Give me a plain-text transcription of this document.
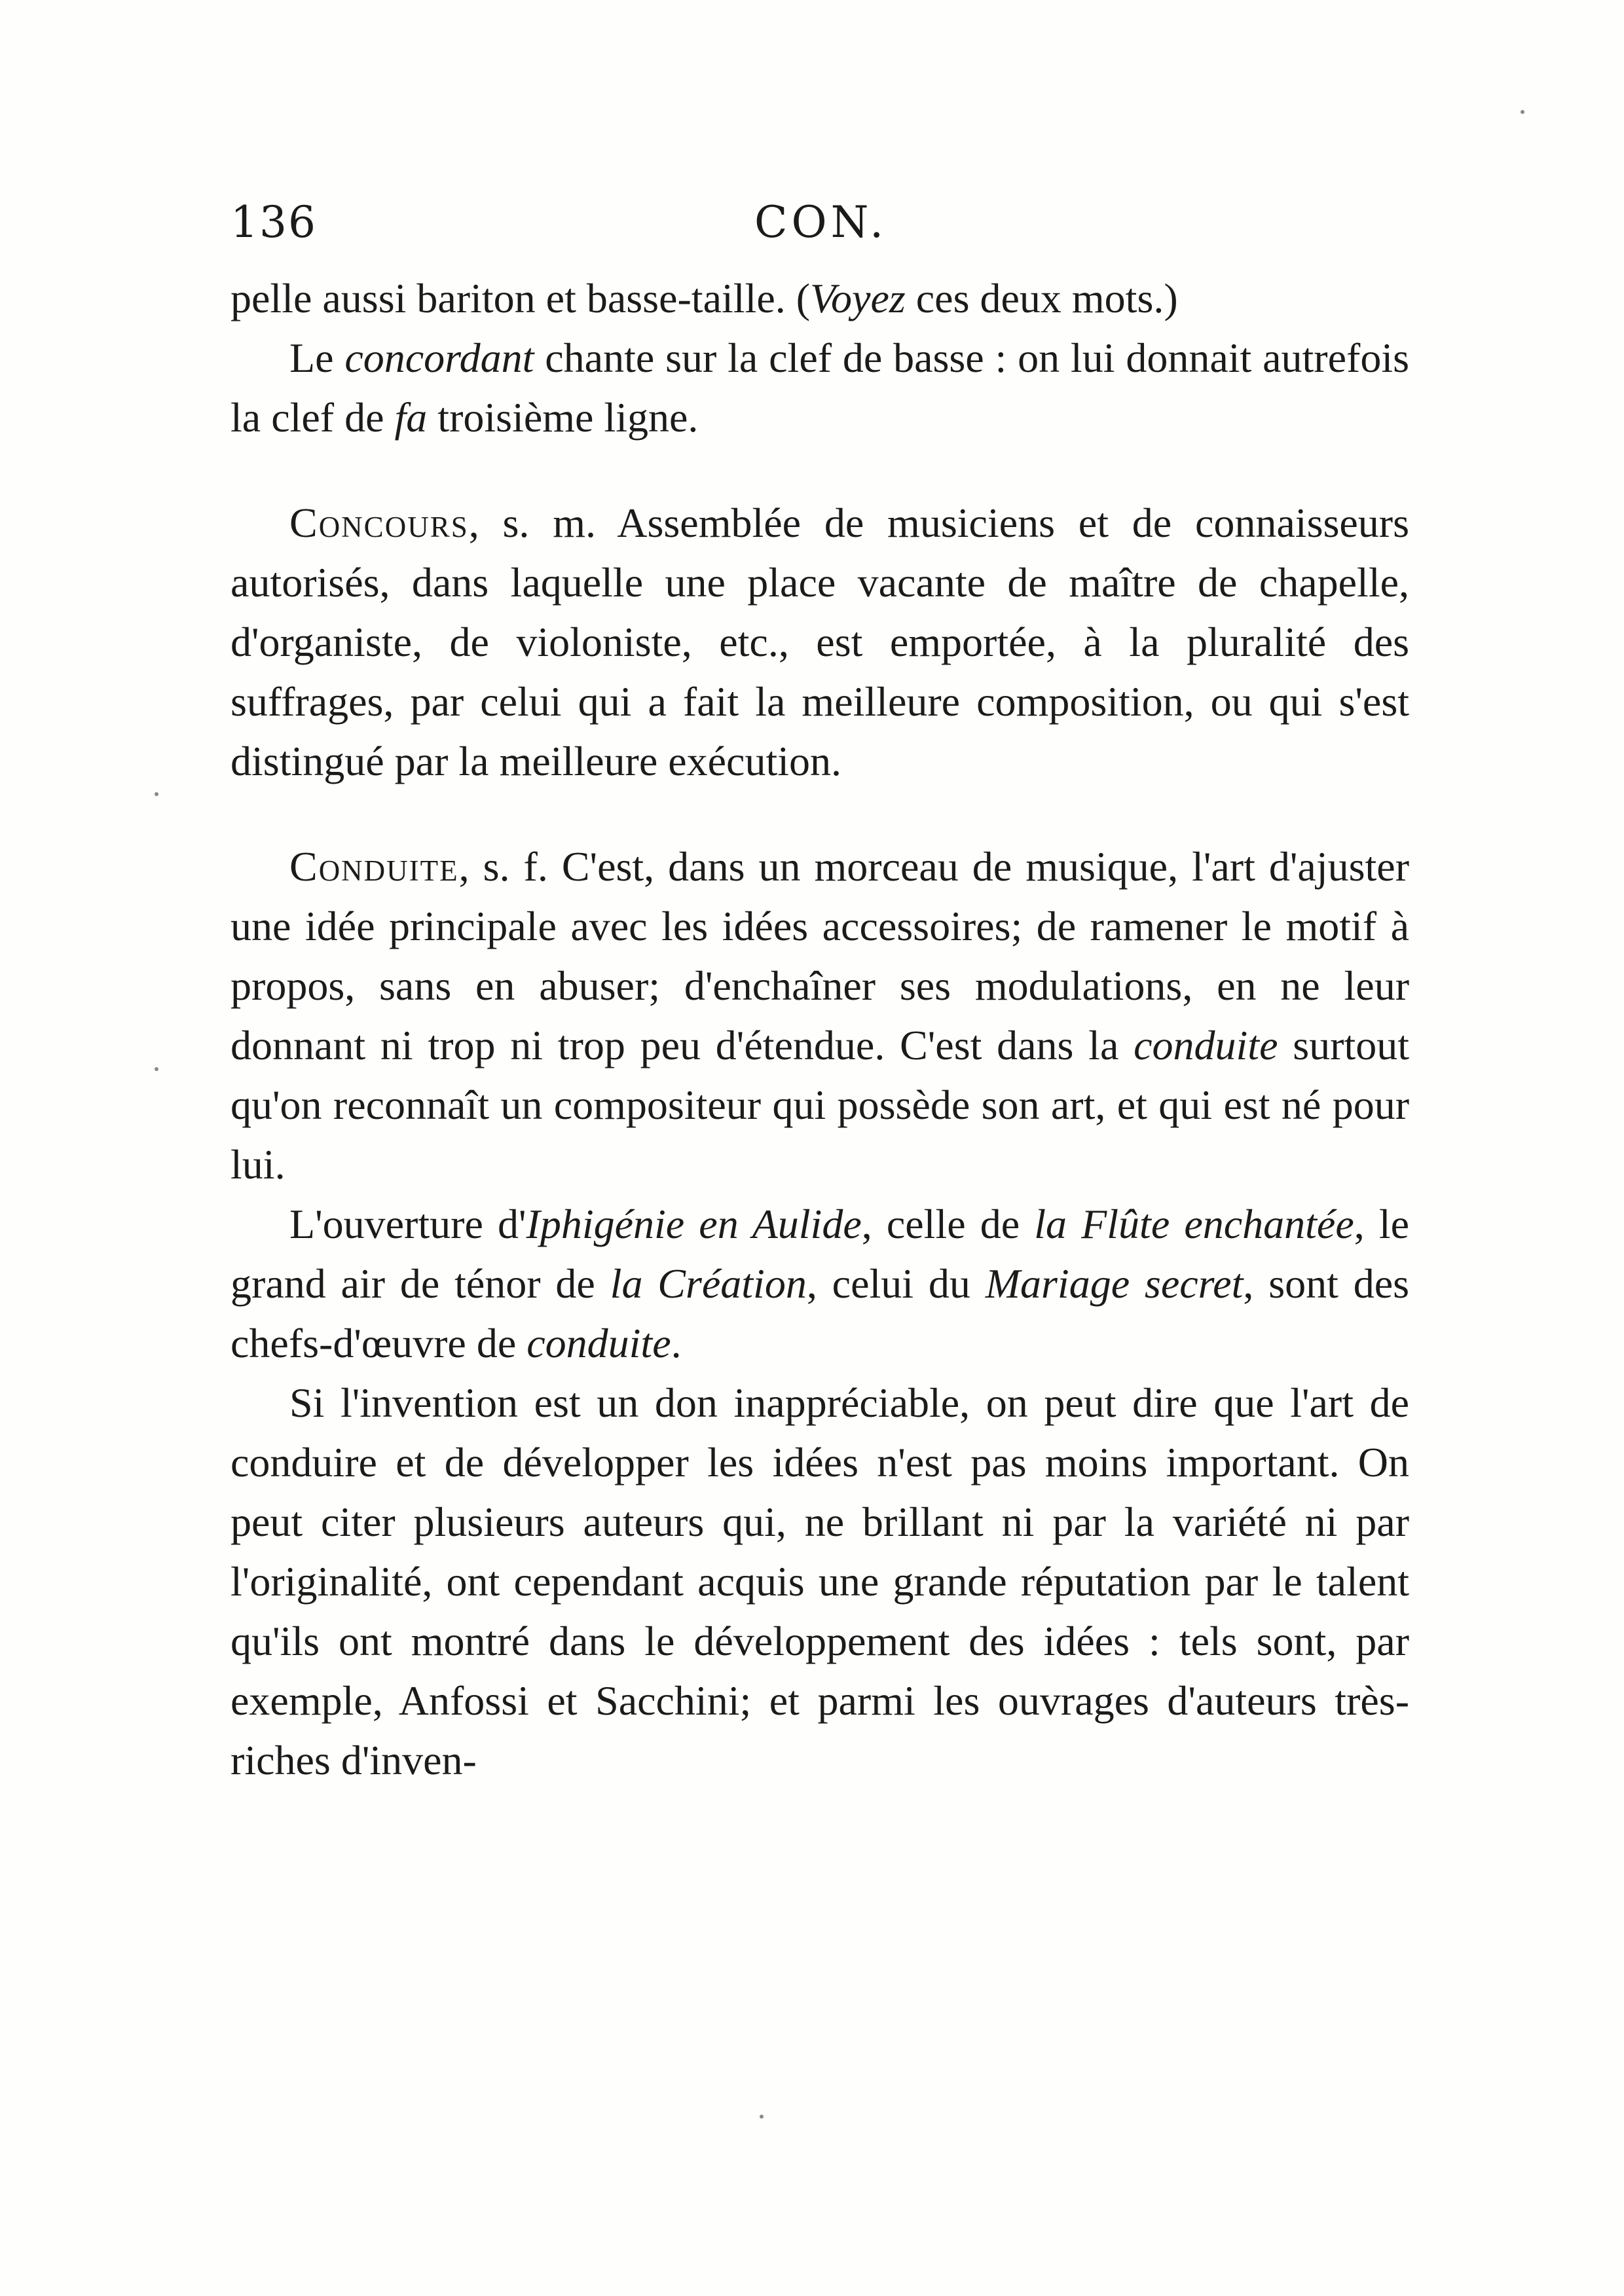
136	CON.

pelle aussi bariton et basse-taille. (Voyez ces deux mots.)

Le concordant chante sur la clef de basse : on lui donnait autrefois la clef de fa troisième ligne.

Concours, s. m. Assemblée de musiciens et de connaisseurs autorisés, dans laquelle une place vacante de maître de chapelle, d'organiste, de violoniste, etc., est emportée, à la pluralité des suffrages, par celui qui a fait la meilleure composition, ou qui s'est distingué par la meilleure exécution.

Conduite, s. f. C'est, dans un morceau de musique, l'art d'ajuster une idée principale avec les idées accessoires; de ramener le motif à propos, sans en abuser; d'enchaîner ses modulations, en ne leur donnant ni trop ni trop peu d'étendue. C'est dans la conduite surtout qu'on reconnaît un compositeur qui possède son art, et qui est né pour lui.

L'ouverture d'Iphigénie en Aulide, celle de la Flûte enchantée, le grand air de ténor de la Création, celui du Mariage secret, sont des chefs-d'œuvre de conduite.

Si l'invention est un don inappréciable, on peut dire que l'art de conduire et de développer les idées n'est pas moins important. On peut citer plusieurs auteurs qui, ne brillant ni par la variété ni par l'originalité, ont cependant acquis une grande réputation par le talent qu'ils ont montré dans le développement des idées : tels sont, par exemple, Anfossi et Sacchini; et parmi les ouvrages d'auteurs très-riches d'inven-
